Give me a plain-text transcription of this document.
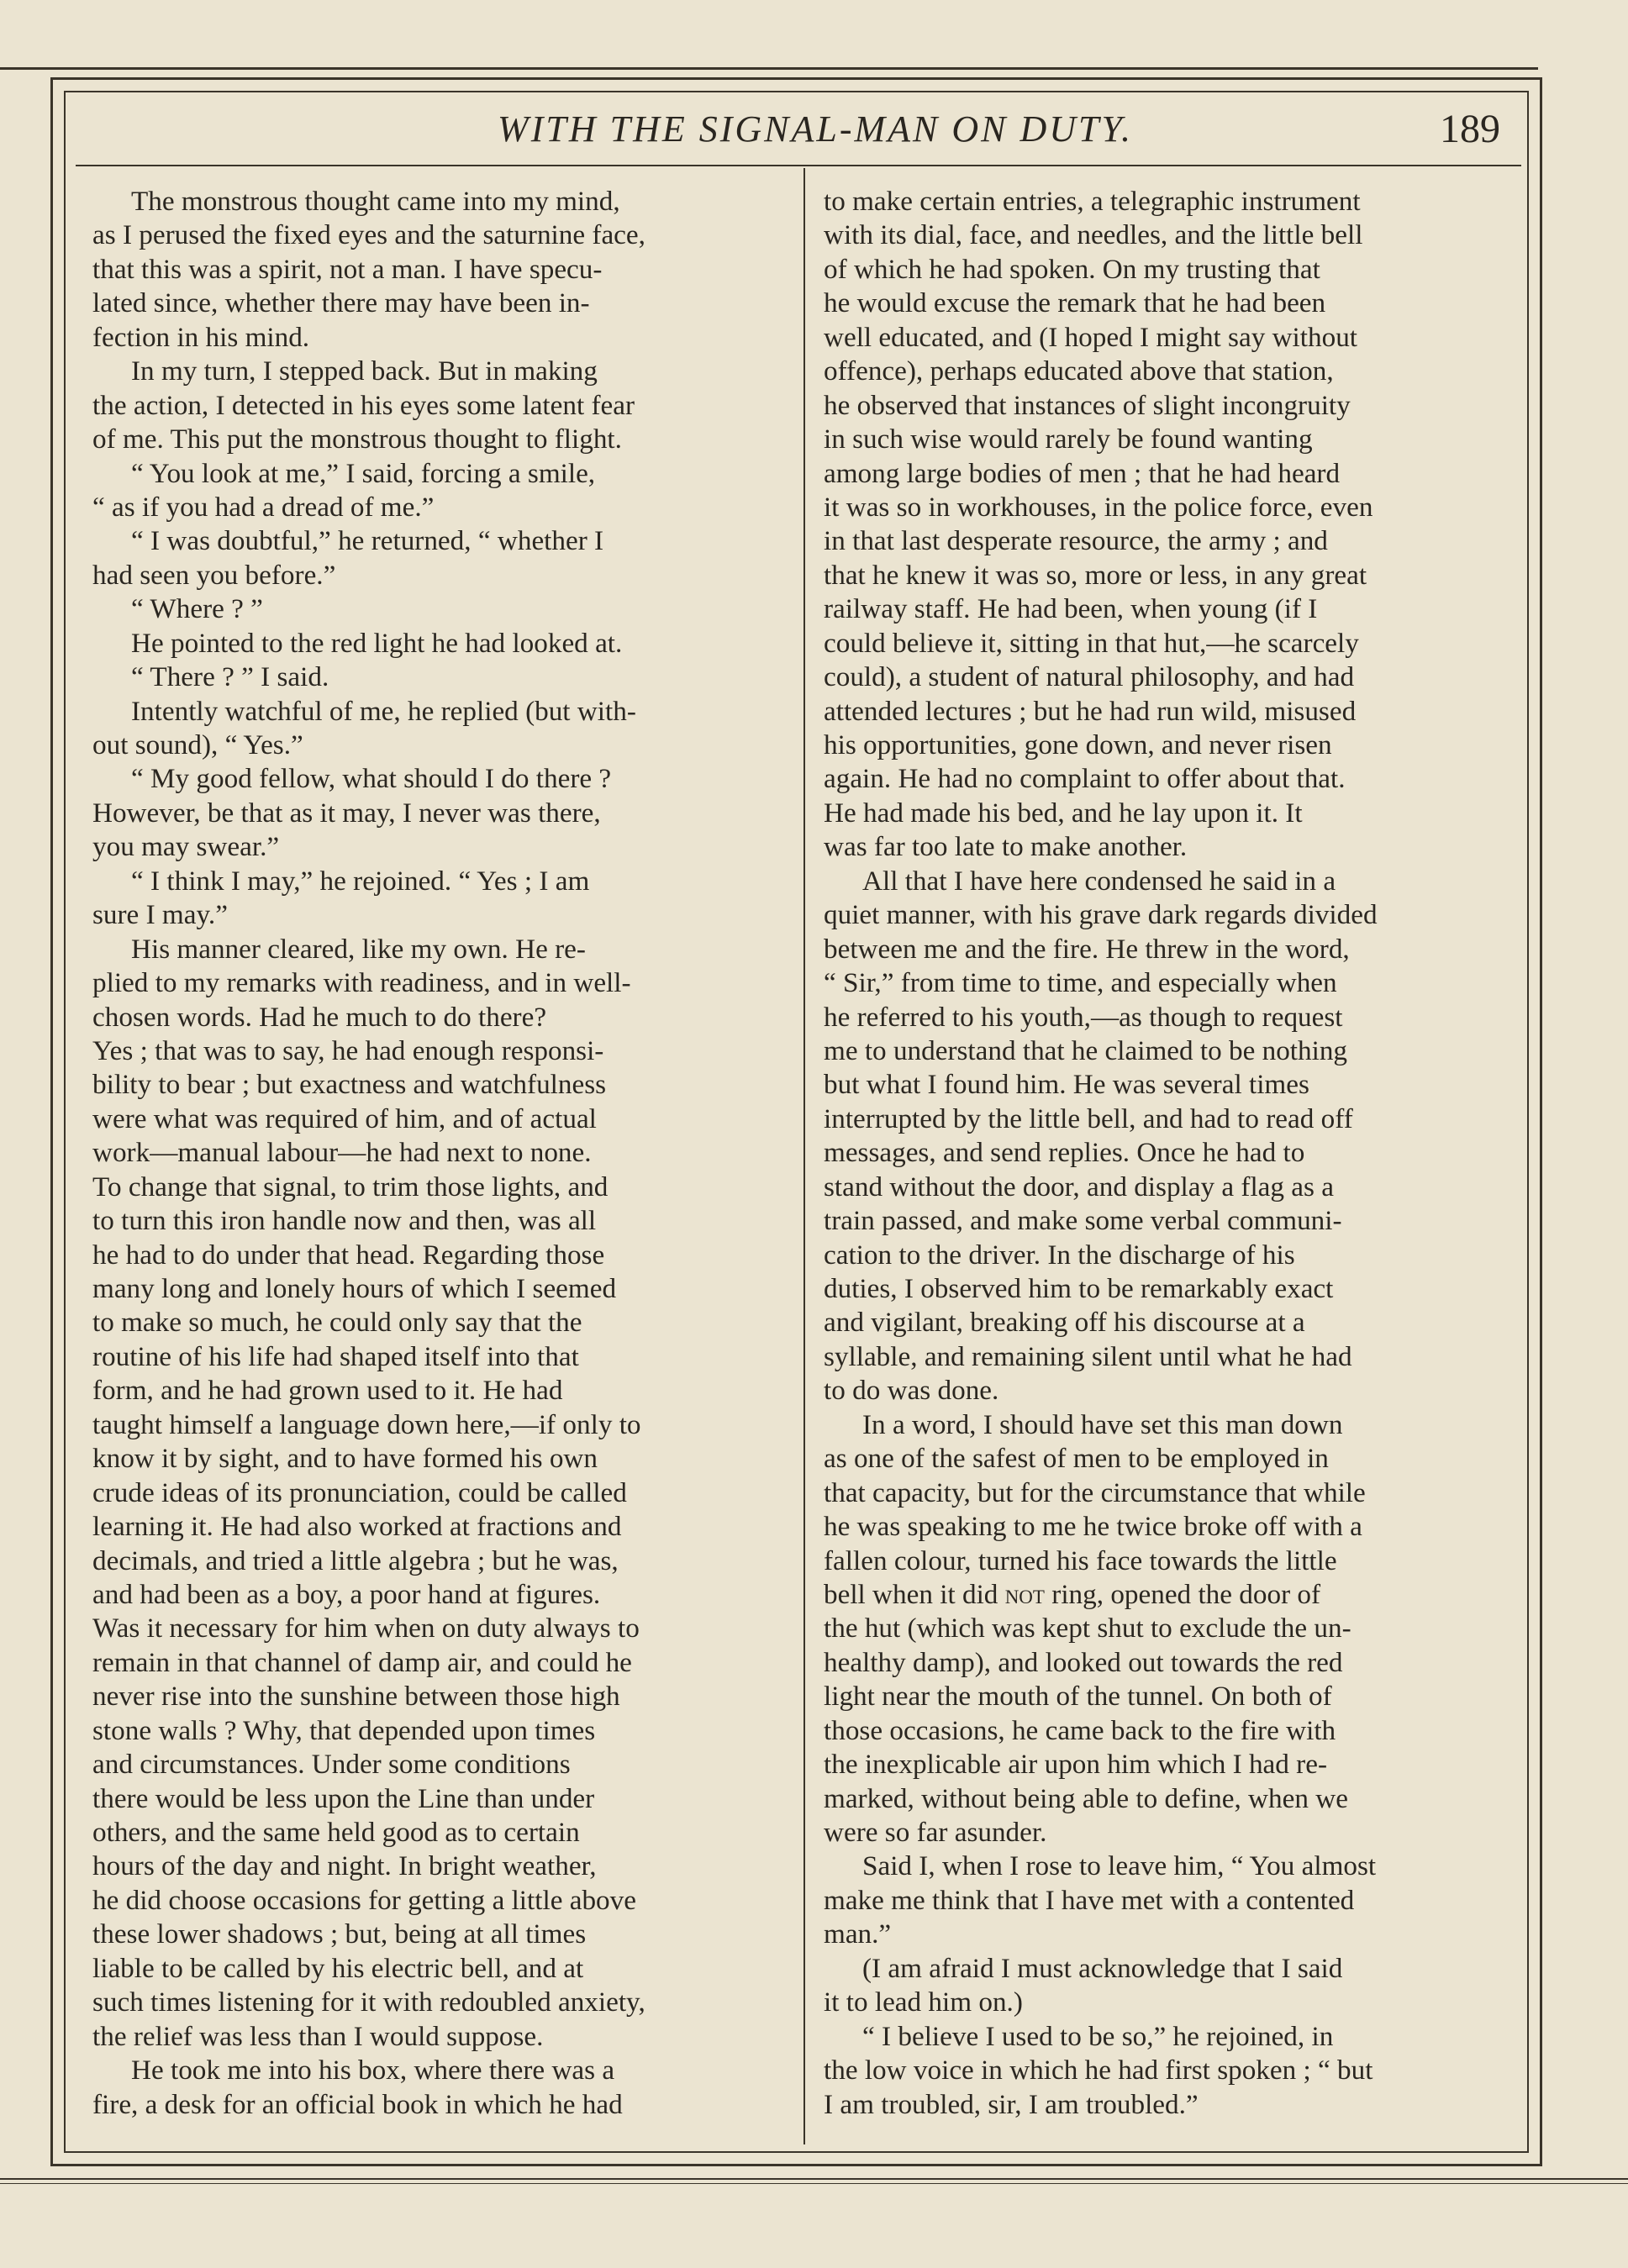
WITH THE SIGNAL-MAN ON DUTY.	189
The monstrous thought came into my mind,
as I perused the fixed eyes and the saturnine face,
that this was a spirit, not a man. I have specu-
lated since, whether there may have been in-
fection in his mind.
In my turn, I stepped back. But in making
the action, I detected in his eyes some latent fear
of me. This put the monstrous thought to flight.
“ You look at me,” I said, forcing a smile,
“ as if you had a dread of me.”
“ I was doubtful,” he returned, “ whether I
had seen you before.”
“ Where ? ”
He pointed to the red light he had looked at.
“ There ? ” I said.
Intently watchful of me, he replied (but with-
out sound), “ Yes.”
“ My good fellow, what should I do there ?
However, be that as it may, I never was there,
you may swear.”
“ I think I may,” he rejoined. “ Yes ; I am
sure I may.”
His manner cleared, like my own. He re-
plied to my remarks with readiness, and in well-
chosen words. Had he much to do there?
Yes ; that was to say, he had enough responsi-
bility to bear ; but exactness and watchfulness
were what was required of him, and of actual
work—manual labour—he had next to none.
To change that signal, to trim those lights, and
to turn this iron handle now and then, was all
he had to do under that head. Regarding those
many long and lonely hours of which I seemed
to make so much, he could only say that the
routine of his life had shaped itself into that
form, and he had grown used to it. He had
taught himself a language down here,—if only to
know it by sight, and to have formed his own
crude ideas of its pronunciation, could be called
learning it. He had also worked at fractions and
decimals, and tried a little algebra ; but he was,
and had been as a boy, a poor hand at figures.
Was it necessary for him when on duty always to
remain in that channel of damp air, and could he
never rise into the sunshine between those high
stone walls ? Why, that depended upon times
and circumstances. Under some conditions
there would be less upon the Line than under
others, and the same held good as to certain
hours of the day and night. In bright weather,
he did choose occasions for getting a little above
these lower shadows ; but, being at all times
liable to be called by his electric bell, and at
such times listening for it with redoubled anxiety,
the relief was less than I would suppose.
He took me into his box, where there was a
fire, a desk for an official book in which he had
to make certain entries, a telegraphic instrument
with its dial, face, and needles, and the little bell
of which he had spoken. On my trusting that
he would excuse the remark that he had been
well educated, and (I hoped I might say without
offence), perhaps educated above that station,
he observed that instances of slight incongruity
in such wise would rarely be found wanting
among large bodies of men ; that he had heard
it was so in workhouses, in the police force, even
in that last desperate resource, the army ; and
that he knew it was so, more or less, in any great
railway staff. He had been, when young (if I
could believe it, sitting in that hut,—he scarcely
could), a student of natural philosophy, and had
attended lectures ; but he had run wild, misused
his opportunities, gone down, and never risen
again. He had no complaint to offer about that.
He had made his bed, and he lay upon it. It
was far too late to make another.
All that I have here condensed he said in a
quiet manner, with his grave dark regards divided
between me and the fire. He threw in the word,
“ Sir,” from time to time, and especially when
he referred to his youth,—as though to request
me to understand that he claimed to be nothing
but what I found him. He was several times
interrupted by the little bell, and had to read off
messages, and send replies. Once he had to
stand without the door, and display a flag as a
train passed, and make some verbal communi-
cation to the driver. In the discharge of his
duties, I observed him to be remarkably exact
and vigilant, breaking off his discourse at a
syllable, and remaining silent until what he had
to do was done.
In a word, I should have set this man down
as one of the safest of men to be employed in
that capacity, but for the circumstance that while
he was speaking to me he twice broke off with a
fallen colour, turned his face towards the little
bell when it did not ring, opened the door of
the hut (which was kept shut to exclude the un-
healthy damp), and looked out towards the red
light near the mouth of the tunnel. On both of
those occasions, he came back to the fire with
the inexplicable air upon him which I had re-
marked, without being able to define, when we
were so far asunder.
Said I, when I rose to leave him, “ You almost
make me think that I have met with a contented
man.”
(I am afraid I must acknowledge that I said
it to lead him on.)
“ I believe I used to be so,” he rejoined, in
the low voice in which he had first spoken ; “ but
I am troubled, sir, I am troubled.”
